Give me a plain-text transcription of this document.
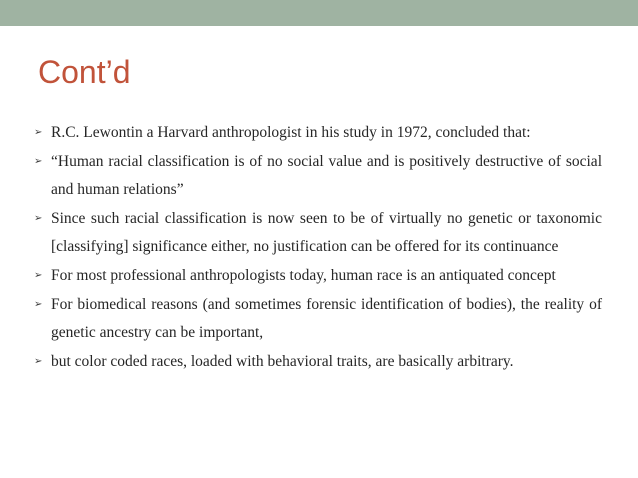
Cont’d
➢ R.C. Lewontin a Harvard anthropologist in his study in 1972, concluded that:
➢ “Human racial classification is of no social value and is positively destructive of social and human relations”
➢ Since such racial classification is now seen to be of virtually no genetic or taxonomic [classifying] significance either, no justification can be offered for its continuance
➢ For most professional anthropologists today, human race is an antiquated concept
➢ For biomedical reasons (and sometimes forensic identification of bodies), the reality of genetic ancestry can be important,
➢ but color coded races, loaded with behavioral traits, are basically arbitrary.
